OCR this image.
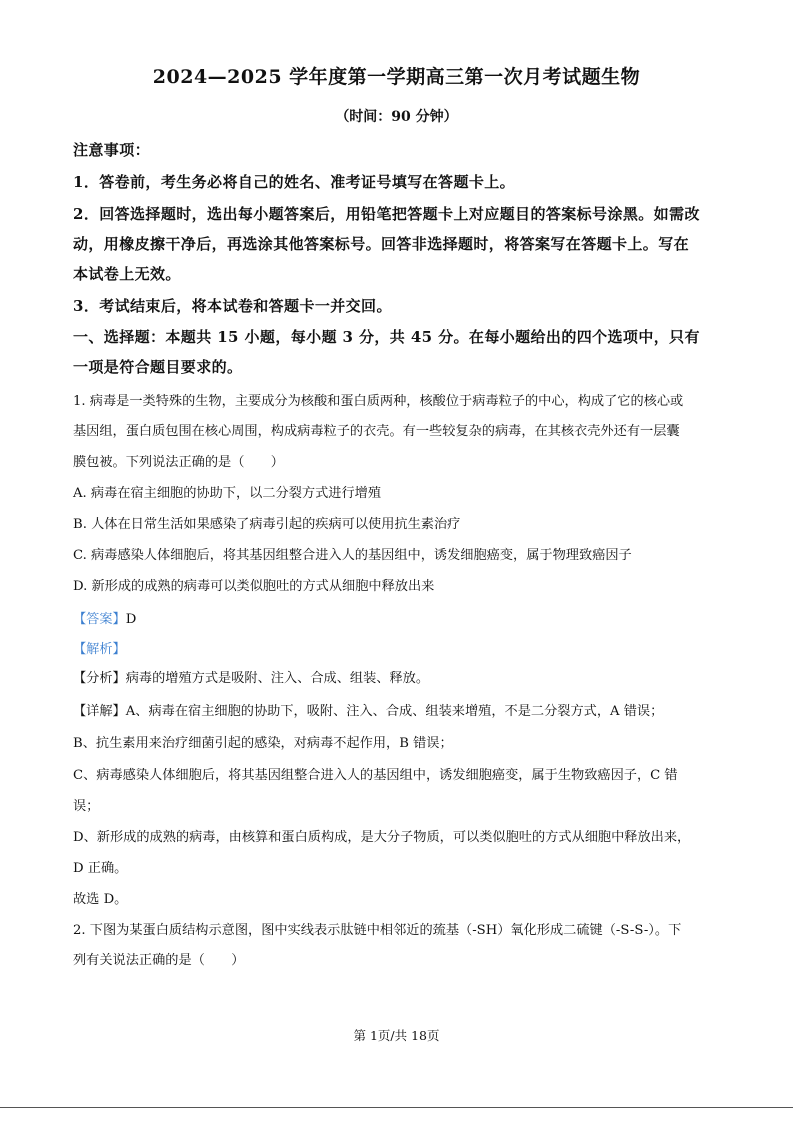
2024—2025 学年度第一学期高三第一次月考试题生物
（时间：90 分钟）
注意事项：
1．答卷前，考生务必将自己的姓名、准考证号填写在答题卡上。
2．回答选择题时，选出每小题答案后，用铅笔把答题卡上对应题目的答案标号涂黑。如需改
动，用橡皮擦干净后，再选涂其他答案标号。回答非选择题时，将答案写在答题卡上。写在
本试卷上无效。
3．考试结束后，将本试卷和答题卡一并交回。
一、选择题：本题共 15 小题，每小题 3 分，共 45 分。在每小题给出的四个选项中，只有
一项是符合题目要求的。
1. 病毒是一类特殊的生物，主要成分为核酸和蛋白质两种，核酸位于病毒粒子的中心，构成了它的核心或
基因组，蛋白质包围在核心周围，构成病毒粒子的衣壳。有一些较复杂的病毒，在其核衣壳外还有一层囊
膜包被。下列说法正确的是（　　）
A. 病毒在宿主细胞的协助下，以二分裂方式进行增殖
B. 人体在日常生活如果感染了病毒引起的疾病可以使用抗生素治疗
C. 病毒感染人体细胞后，将其基因组整合进入人的基因组中，诱发细胞癌变，属于物理致癌因子
D. 新形成的成熟的病毒可以类似胞吐的方式从细胞中释放出来
【答案】D
【解析】
【分析】病毒的增殖方式是吸附、注入、合成、组装、释放。
【详解】A、病毒在宿主细胞的协助下，吸附、注入、合成、组装来增殖，不是二分裂方式，A 错误；
B、抗生素用来治疗细菌引起的感染，对病毒不起作用，B 错误；
C、病毒感染人体细胞后，将其基因组整合进入人的基因组中，诱发细胞癌变，属于生物致癌因子，C 错
误；
D、新形成的成熟的病毒，由核算和蛋白质构成，是大分子物质，可以类似胞吐的方式从细胞中释放出来，
D 正确。
故选 D。
2. 下图为某蛋白质结构示意图，图中实线表示肽链中相邻近的巯基（-SH）氧化形成二硫键（-S-S-）。下
列有关说法正确的是（　　）
第 1页/共 18页
